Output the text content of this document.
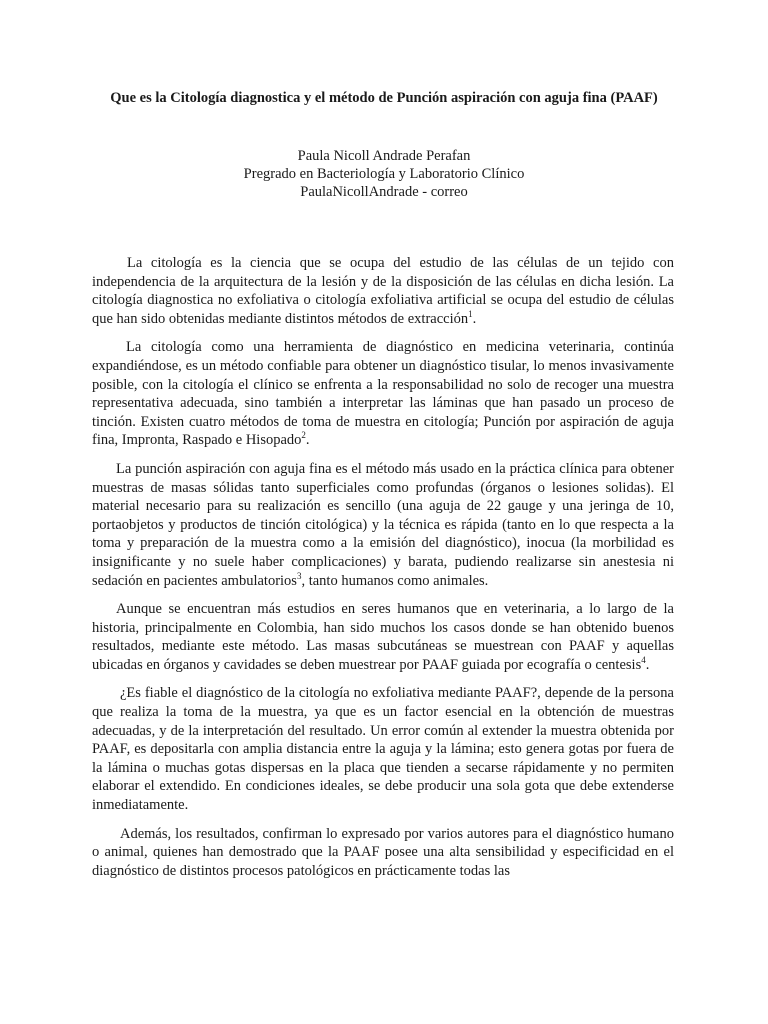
Que es la Citología diagnostica y el método de Punción aspiración con aguja fina (PAAF)
Paula Nicoll Andrade Perafan
Pregrado en Bacteriología y Laboratorio Clínico
PaulaNicollAndrade - correo

La citología es la ciencia que se ocupa del estudio de las células de un tejido con independencia de la arquitectura de la lesión y de la disposición de las células en dicha lesión. La citología diagnostica no exfoliativa o citología exfoliativa artificial se ocupa del estudio de células que han sido obtenidas mediante distintos métodos de extracción$^1$.

La citología como una herramienta de diagnóstico en medicina veterinaria, continúa expandiéndose, es un método confiable para obtener un diagnóstico tisular, lo menos invasivamente posible, con la citología el clínico se enfrenta a la responsabilidad no solo de recoger una muestra representativa adecuada, sino también a interpretar las láminas que han pasado un proceso de tinción. Existen cuatro métodos de toma de muestra en citología; Punción por aspiración de aguja fina, Impronta, Raspado e Hisopado$^2$.

La punción aspiración con aguja fina es el método más usado en la práctica clínica para obtener muestras de masas sólidas tanto superficiales como profundas (órganos o lesiones solidas). El material necesario para su realización es sencillo (una aguja de 22 gauge y una jeringa de 10, portaobjetos y productos de tinción citológica) y la técnica es rápida (tanto en lo que respecta a la toma y preparación de la muestra como a la emisión del diagnóstico), inocua (la morbilidad es insignificante y no suele haber complicaciones) y barata, pudiendo realizarse sin anestesia ni sedación en pacientes ambulatorios$^3$, tanto humanos como animales.

Aunque se encuentran más estudios en seres humanos que en veterinaria, a lo largo de la historia, principalmente en Colombia, han sido muchos los casos donde se han obtenido buenos resultados, mediante este método. Las masas subcutáneas se muestrean con PAAF y aquellas ubicadas en órganos y cavidades se deben muestrear por PAAF guiada por ecografía o centesis$^4$.

¿Es fiable el diagnóstico de la citología no exfoliativa mediante PAAF?, depende de la persona que realiza la toma de la muestra, ya que es un factor esencial en la obtención de muestras adecuadas, y de la interpretación del resultado. Un error común al extender la muestra obtenida por PAAF, es depositarla con amplia distancia entre la aguja y la lámina; esto genera gotas por fuera de la lámina o muchas gotas dispersas en la placa que tienden a secarse rápidamente y no permiten elaborar el extendido. En condiciones ideales, se debe producir una sola gota que debe extenderse inmediatamente.

Además, los resultados, confirman lo expresado por varios autores para el diagnóstico humano o animal, quienes han demostrado que la PAAF posee una alta sensibilidad y especificidad en el diagnóstico de distintos procesos patológicos en prácticamente todas las
